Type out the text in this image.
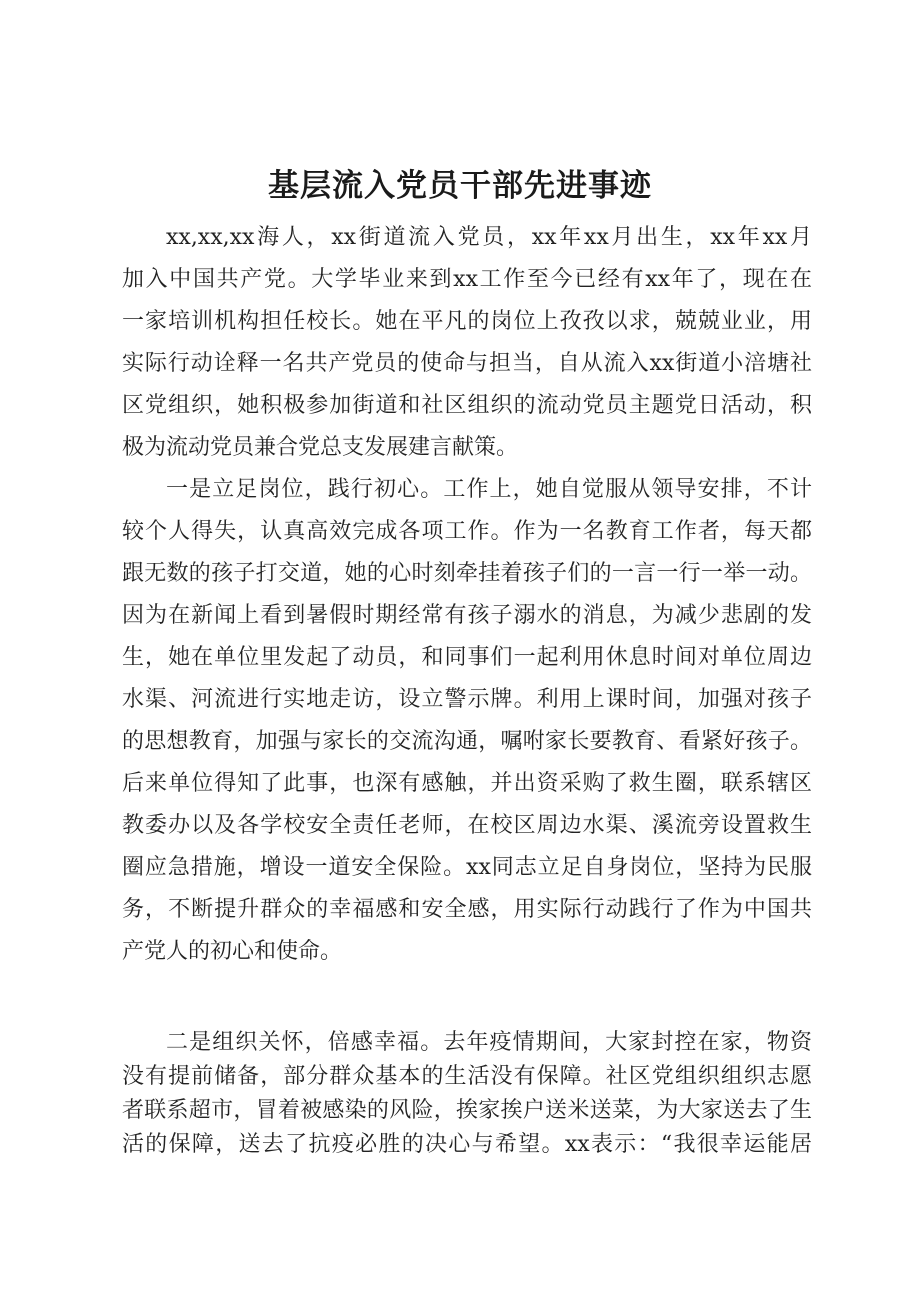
基层流入党员干部先进事迹
xx,xx,xx海人，xx街道流入党员，xx年xx月出生，xx年xx月
加入中国共产党。大学毕业来到xx工作至今已经有xx年了，现在在
一家培训机构担任校长。她在平凡的岗位上孜孜以求，兢兢业业，用
实际行动诠释一名共产党员的使命与担当，自从流入xx街道小涪塘社
区党组织，她积极参加街道和社区组织的流动党员主题党日活动，积
极为流动党员兼合党总支发展建言献策。
一是立足岗位，践行初心。工作上，她自觉服从领导安排，不计
较个人得失，认真高效完成各项工作。作为一名教育工作者，每天都
跟无数的孩子打交道，她的心时刻牵挂着孩子们的一言一行一举一动。
因为在新闻上看到暑假时期经常有孩子溺水的消息，为减少悲剧的发
生，她在单位里发起了动员，和同事们一起利用休息时间对单位周边
水渠、河流进行实地走访，设立警示牌。利用上课时间，加强对孩子
的思想教育，加强与家长的交流沟通，嘱咐家长要教育、看紧好孩子。
后来单位得知了此事，也深有感触，并出资采购了救生圈，联系辖区
教委办以及各学校安全责任老师，在校区周边水渠、溪流旁设置救生
圈应急措施，增设一道安全保险。xx同志立足自身岗位，坚持为民服
务，不断提升群众的幸福感和安全感，用实际行动践行了作为中国共
产党人的初心和使命。
二是组织关怀，倍感幸福。去年疫情期间，大家封控在家，物资
没有提前储备，部分群众基本的生活没有保障。社区党组织组织志愿
者联系超市，冒着被感染的风险，挨家挨户送米送菜，为大家送去了生
活的保障，送去了抗疫必胜的决心与希望。xx表示：“我很幸运能居
